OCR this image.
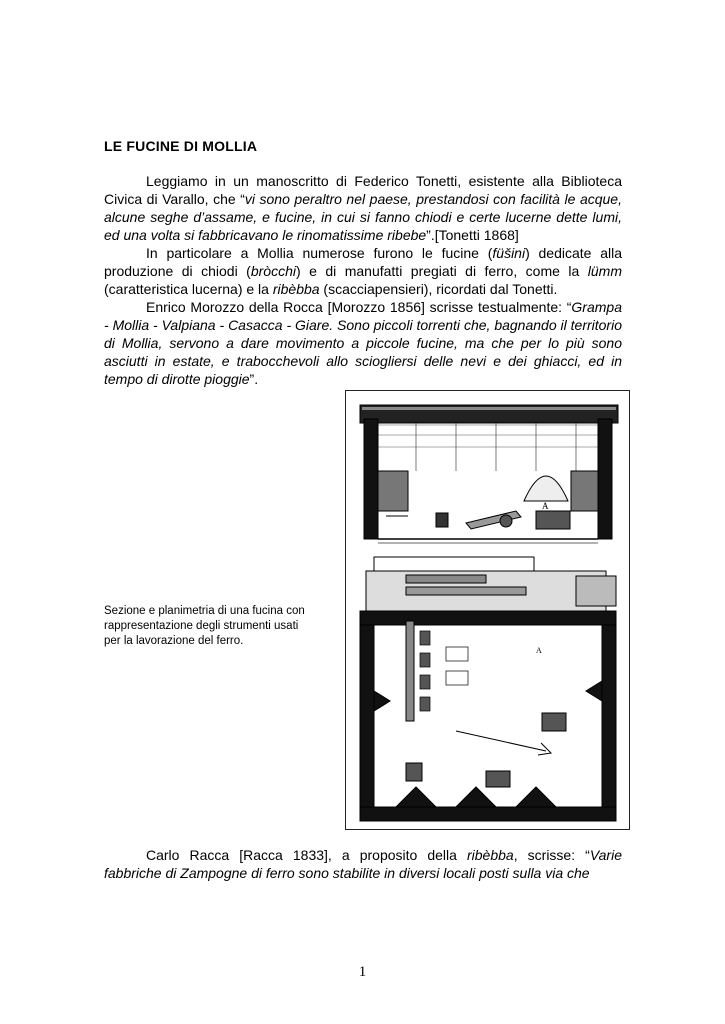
LE FUCINE DI MOLLIA

Leggiamo in un manoscritto di Federico Tonetti, esistente alla Biblioteca Civica di Varallo, che “vi sono peraltro nel paese, prestandosi con facilità le acque, alcune seghe d’assame, e fucine, in cui si fanno chiodi e certe lucerne dette lumi, ed una volta si fabbricavano le rinomatissime ribebe”.[Tonetti 1868]

In particolare a Mollia numerose furono le fucine (füšini) dedicate alla produzione di chiodi (bròcchi) e di manufatti pregiati di ferro, come la lümm (caratteristica lucerna) e la ribèbba (scacciapensieri), ricordati dal Tonetti.

Enrico Morozzo della Rocca [Morozzo 1856] scrisse testualmente: “Grampa - Mollia - Valpiana - Casacca - Giare. Sono piccoli torrenti che, bagnando il territorio di Mollia, servono a dare movimento a piccole fucine, ma che per lo più sono asciutti in estate, e trabocchevoli allo sciogliersi delle nevi e dei ghiacci, ed in tempo di dirotte pioggie”.

Sezione e planimetria di una fucina con rappresentazione degli strumenti usati per la lavorazione del ferro.
A
A

Carlo Racca [Racca 1833], a proposito della ribèbba, scrisse: “Varie fabbriche di Zampogne di ferro sono stabilite in diversi locali posti sulla via che

1
